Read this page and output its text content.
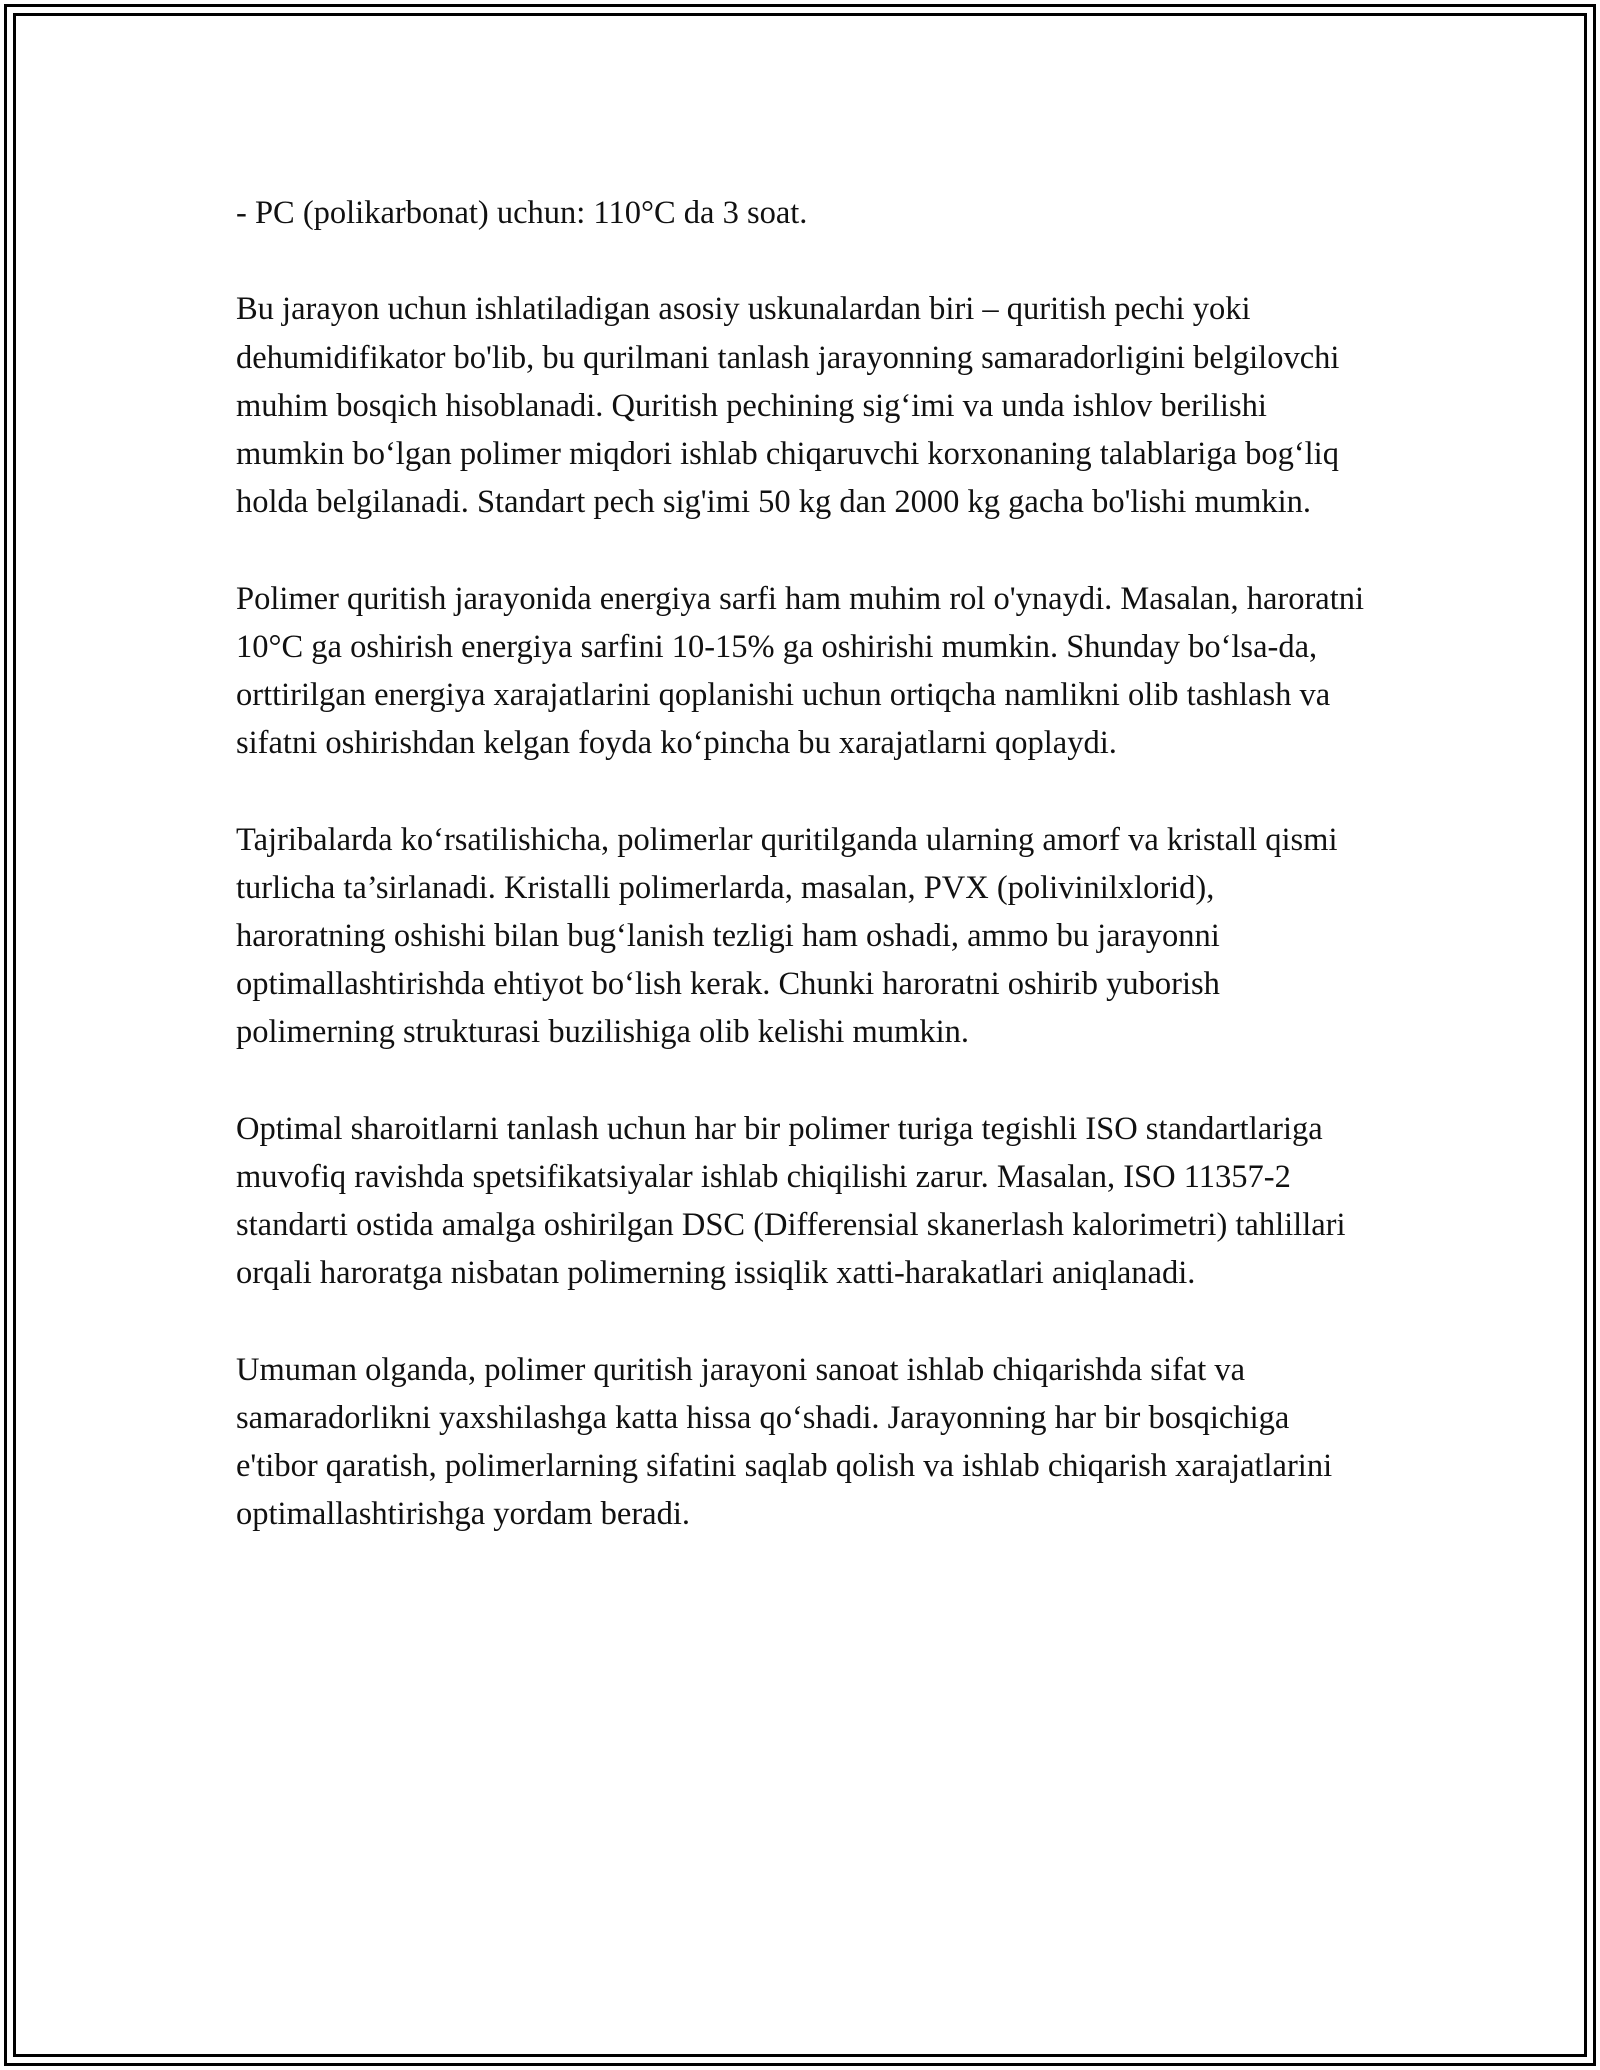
- PC (polikarbonat) uchun: 110°C da 3 soat.

Bu jarayon uchun ishlatiladigan asosiy uskunalardan biri – quritish pechi yoki dehumidifikator bo'lib, bu qurilmani tanlash jarayonning samaradorligini belgilovchi muhim bosqich hisoblanadi. Quritish pechining sig‘imi va unda ishlov berilishi mumkin bo‘lgan polimer miqdori ishlab chiqaruvchi korxonaning talablariga bog‘liq holda belgilanadi. Standart pech sig'imi 50 kg dan 2000 kg gacha bo'lishi mumkin.

Polimer quritish jarayonida energiya sarfi ham muhim rol o'ynaydi. Masalan, haroratni 10°C ga oshirish energiya sarfini 10-15% ga oshirishi mumkin. Shunday bo‘lsa-da, orttirilgan energiya xarajatlarini qoplanishi uchun ortiqcha namlikni olib tashlash va sifatni oshirishdan kelgan foyda ko‘pincha bu xarajatlarni qoplaydi.

Tajribalarda ko‘rsatilishicha, polimerlar quritilganda ularning amorf va kristall qismi turlicha ta’sirlanadi. Kristalli polimerlarda, masalan, PVX (polivinilxlorid), haroratning oshishi bilan bug‘lanish tezligi ham oshadi, ammo bu jarayonni optimallashtirishda ehtiyot bo‘lish kerak. Chunki haroratni oshirib yuborish polimerning strukturasi buzilishiga olib kelishi mumkin.

Optimal sharoitlarni tanlash uchun har bir polimer turiga tegishli ISO standartlariga muvofiq ravishda spetsifikatsiyalar ishlab chiqilishi zarur. Masalan, ISO 11357-2 standarti ostida amalga oshirilgan DSC (Differensial skanerlash kalorimetri) tahlillari orqali haroratga nisbatan polimerning issiqlik xatti-harakatlari aniqlanadi.

Umuman olganda, polimer quritish jarayoni sanoat ishlab chiqarishda sifat va samaradorlikni yaxshilashga katta hissa qo‘shadi. Jarayonning har bir bosqichiga e'tibor qaratish, polimerlarning sifatini saqlab qolish va ishlab chiqarish xarajatlarini optimallashtirishga yordam beradi.
